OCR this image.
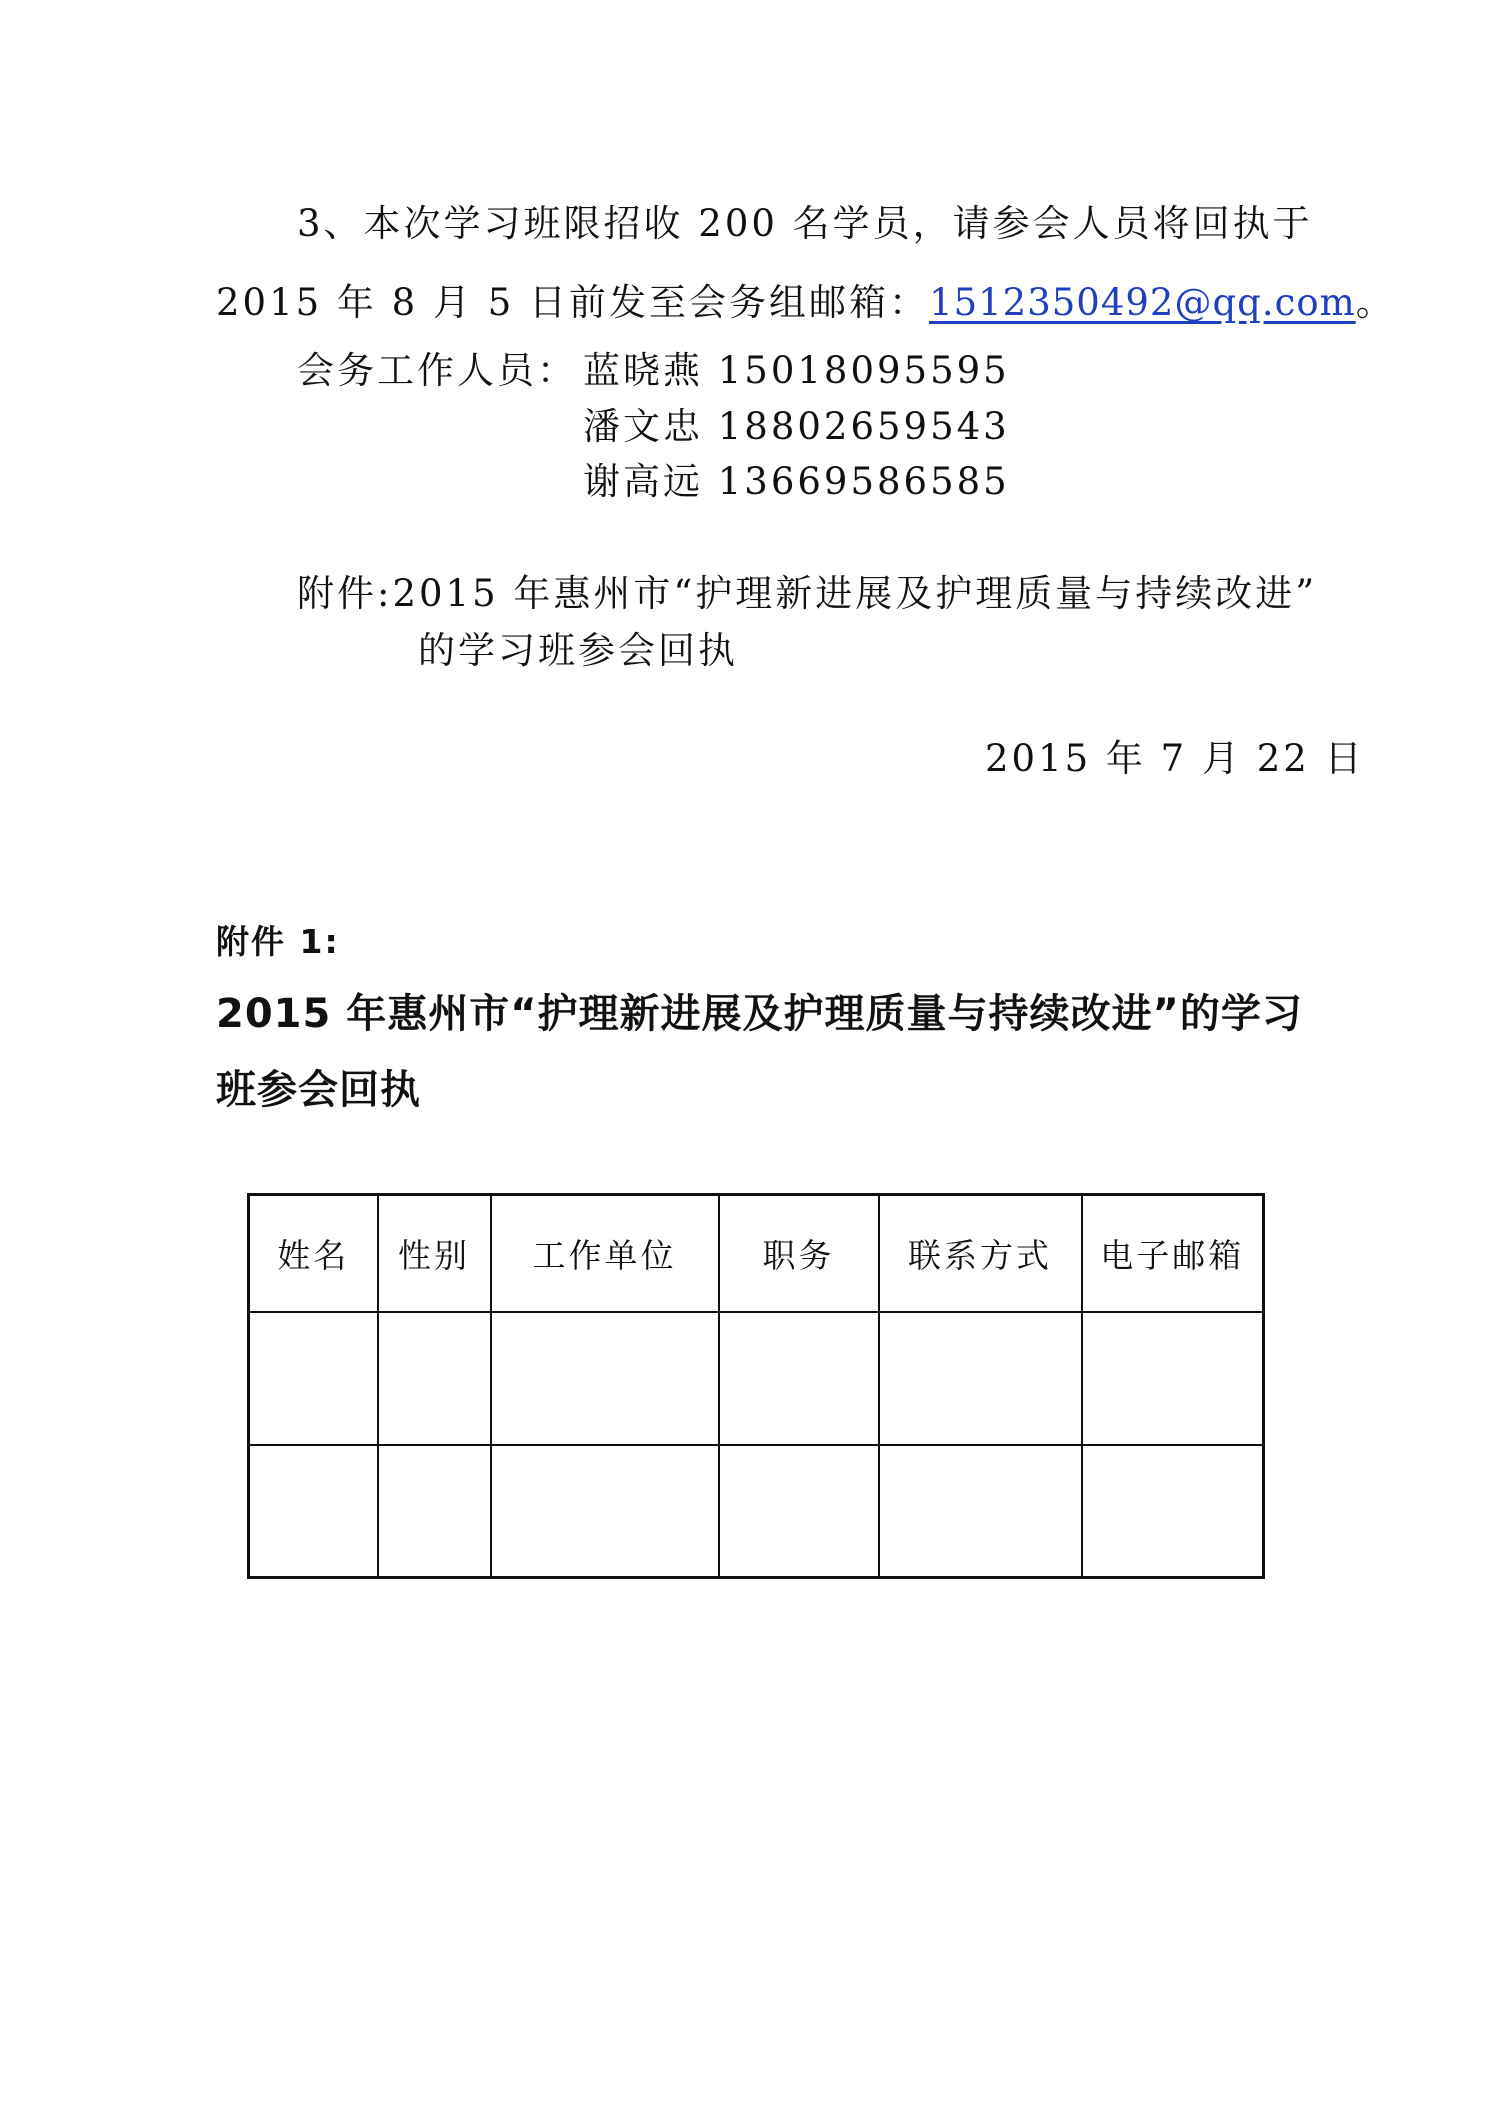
3、本次学习班限招收 200 名学员，请参会人员将回执于
2015 年 8 月 5 日前发至会务组邮箱：1512350492@qq.com。
会务工作人员： 蓝晓燕 15018095595
潘文忠 18802659543
谢高远 13669586585
附件:2015 年惠州市“护理新进展及护理质量与持续改进”
的学习班参会回执
2015 年 7 月 22 日
附件 1:
2015 年惠州市“护理新进展及护理质量与持续改进”的学习
班参会回执
姓名	性别	工作单位	职务	联系方式	电子邮箱
